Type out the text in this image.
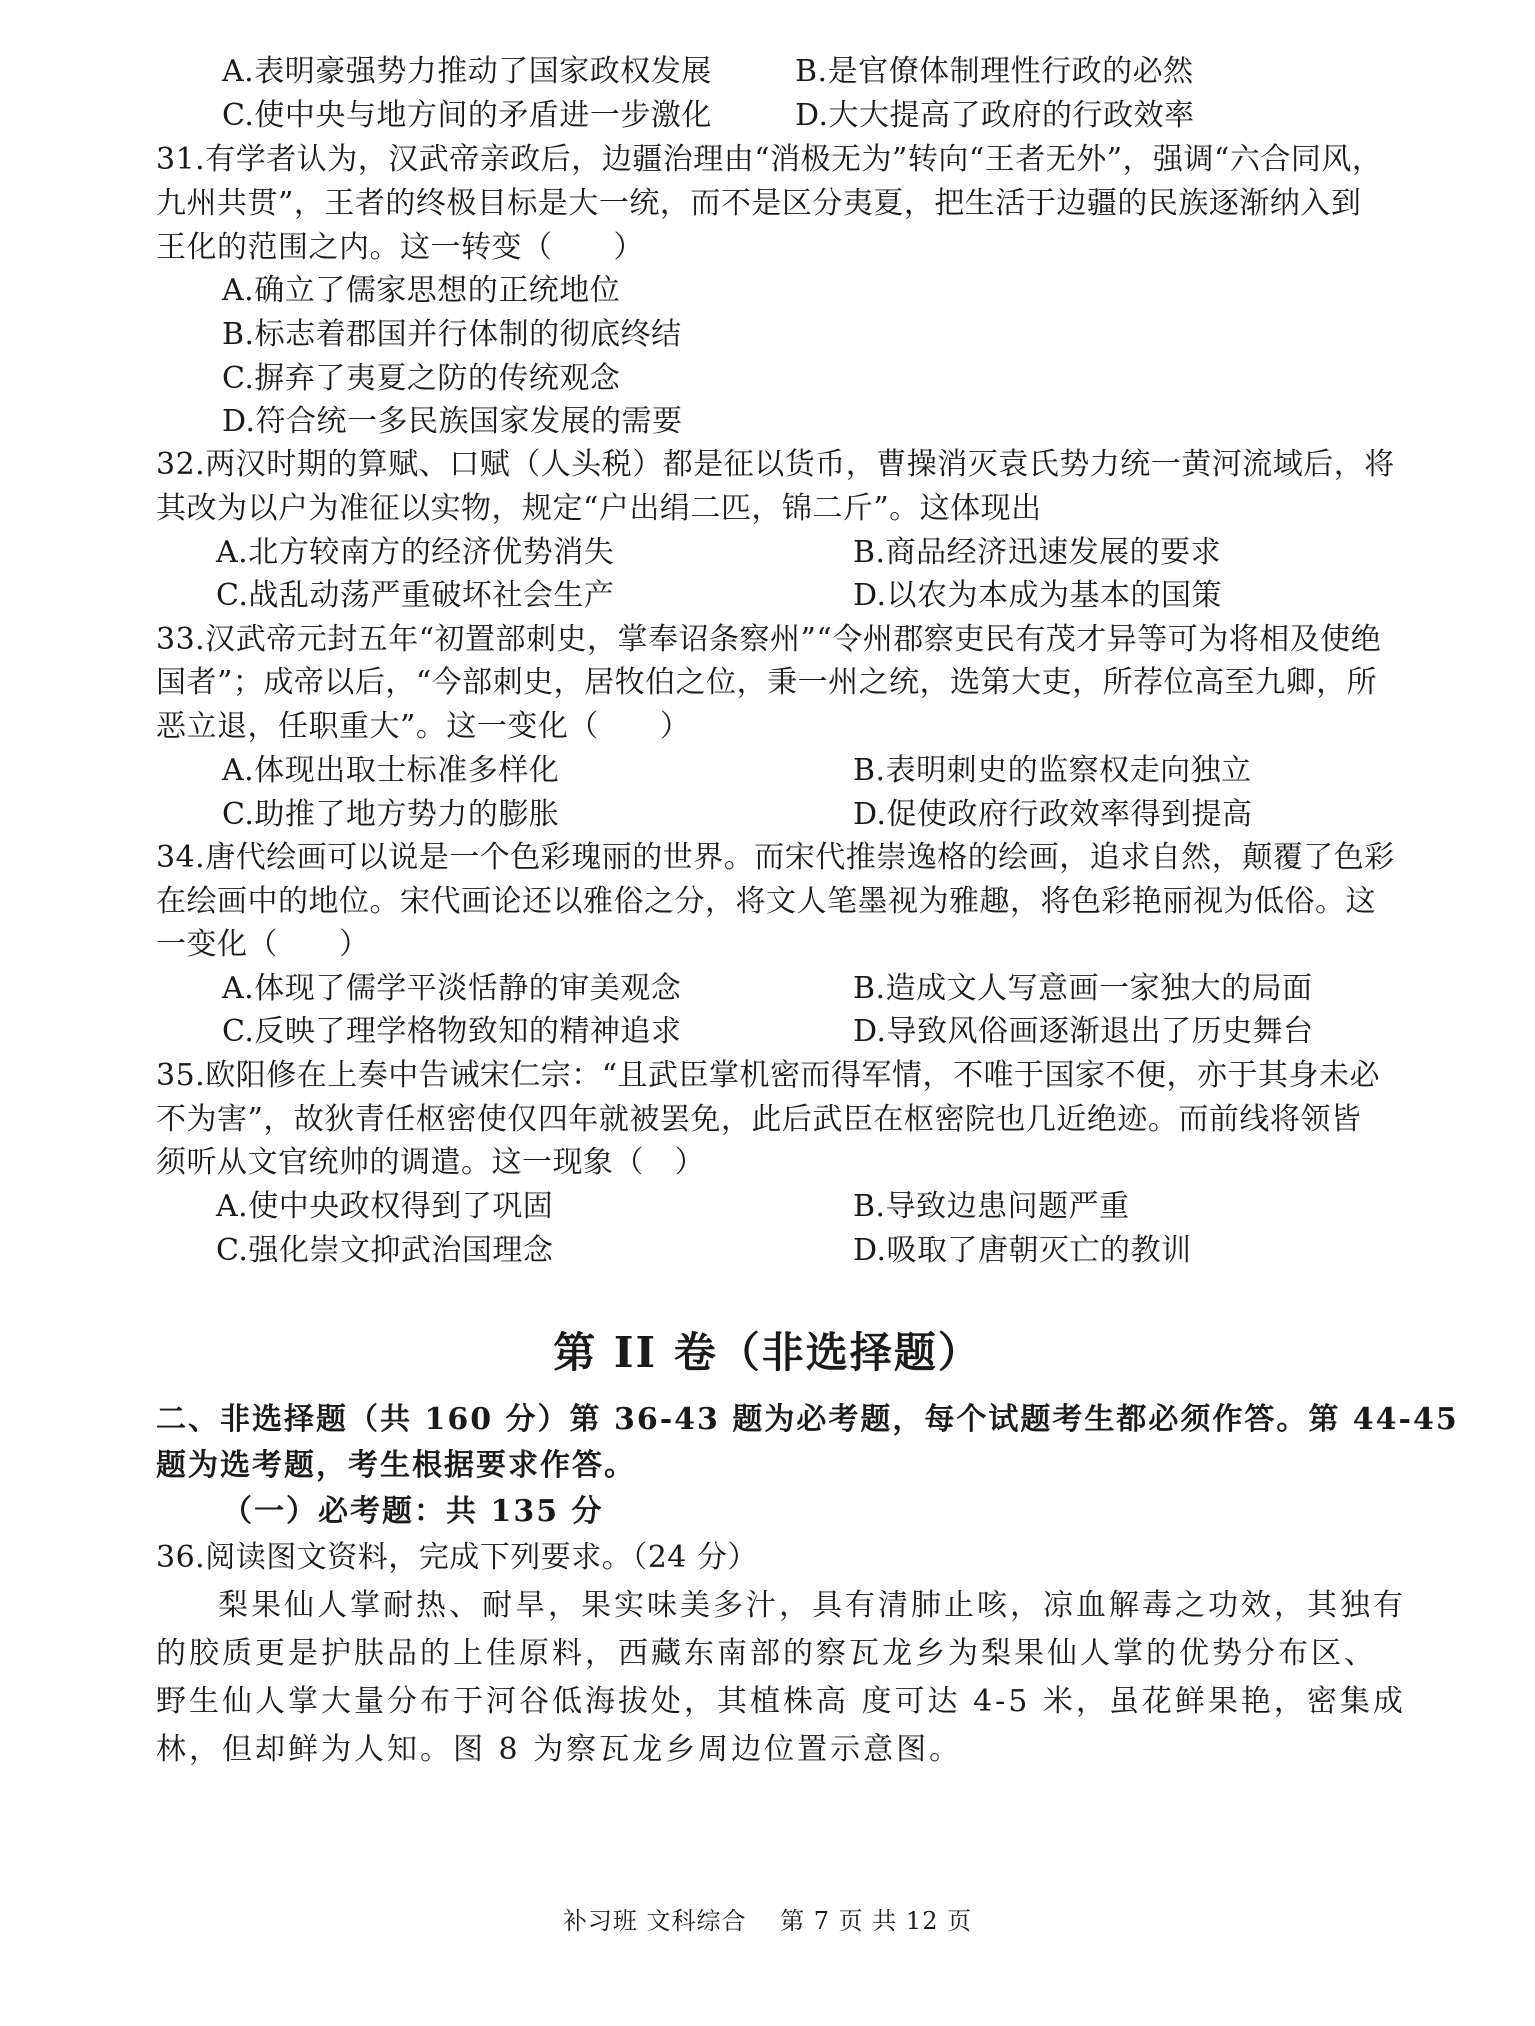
A.表明豪强势力推动了国家政权发展	B.是官僚体制理性行政的必然
C.使中央与地方间的矛盾进一步激化	D.大大提高了政府的行政效率
31.有学者认为，汉武帝亲政后，边疆治理由“消极无为”转向“王者无外”，强调“六合同风，
九州共贯”，王者的终极目标是大一统，而不是区分夷夏，把生活于边疆的民族逐渐纳入到
王化的范围之内。这一转变（　　）
A.确立了儒家思想的正统地位
B.标志着郡国并行体制的彻底终结
C.摒弃了夷夏之防的传统观念
D.符合统一多民族国家发展的需要
32.两汉时期的算赋、口赋（人头税）都是征以货币，曹操消灭袁氏势力统一黄河流域后，将
其改为以户为准征以实物，规定“户出绢二匹，锦二斤”。这体现出
A.北方较南方的经济优势消失	B.商品经济迅速发展的要求
C.战乱动荡严重破坏社会生产	D.以农为本成为基本的国策
33.汉武帝元封五年“初置部刺史，掌奉诏条察州”“令州郡察吏民有茂才异等可为将相及使绝
国者”；成帝以后，“今部刺史，居牧伯之位，秉一州之统，选第大吏，所荐位高至九卿，所
恶立退，任职重大”。这一变化（　　）
A.体现出取士标准多样化	B.表明刺史的监察权走向独立
C.助推了地方势力的膨胀	D.促使政府行政效率得到提高
34.唐代绘画可以说是一个色彩瑰丽的世界。而宋代推崇逸格的绘画，追求自然，颠覆了色彩
在绘画中的地位。宋代画论还以雅俗之分，将文人笔墨视为雅趣，将色彩艳丽视为低俗。这
一变化（　　）
A.体现了儒学平淡恬静的审美观念	B.造成文人写意画一家独大的局面
C.反映了理学格物致知的精神追求	D.导致风俗画逐渐退出了历史舞台
35.欧阳修在上奏中告诫宋仁宗：“且武臣掌机密而得军情，不唯于国家不便，亦于其身未必
不为害”，故狄青任枢密使仅四年就被罢免，此后武臣在枢密院也几近绝迹。而前线将领皆
须听从文官统帅的调遣。这一现象（　）
A.使中央政权得到了巩固	B.导致边患问题严重
C.强化崇文抑武治国理念	D.吸取了唐朝灭亡的教训
第 II 卷（非选择题）
二、非选择题（共 160 分）第 36-43 题为必考题，每个试题考生都必须作答。第 44-45
题为选考题，考生根据要求作答。
（一）必考题：共 135 分
36.阅读图文资料，完成下列要求。（24 分）
梨果仙人掌耐热、耐旱，果实味美多汁，具有清肺止咳，凉血解毒之功效，其独有
的胶质更是护肤品的上佳原料，西藏东南部的察瓦龙乡为梨果仙人掌的优势分布区、
野生仙人掌大量分布于河谷低海拔处，其植株高 度可达 4-5 米，虽花鲜果艳，密集成
林，但却鲜为人知。图 8 为察瓦龙乡周边位置示意图。
补习班 文科综合　 第 7 页 共 12 页
